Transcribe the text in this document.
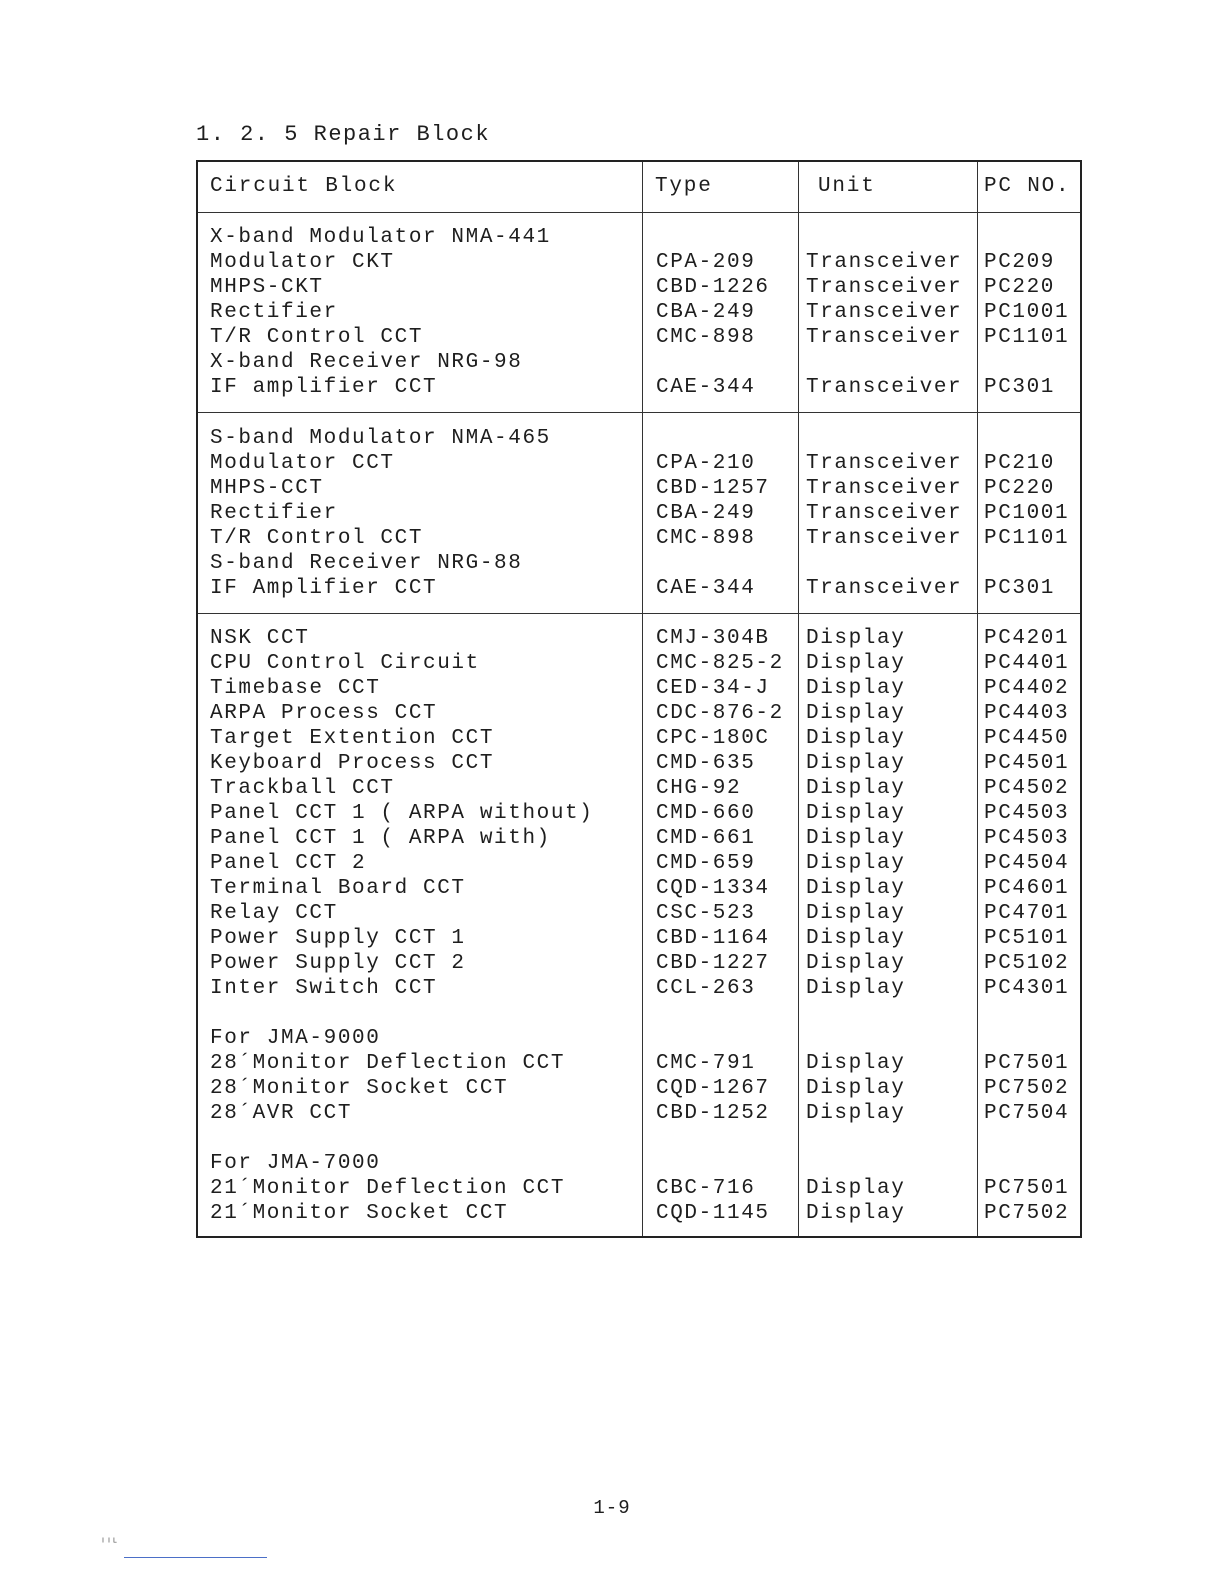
1. 2. 5 Repair Block
Circuit Block	Type	Unit	PC NO.
X-band Modulator NMA-441
Modulator CKT	CPA-209 Transceiver PC209
MHPS-CKT	CBD-1226 Transceiver PC220
Rectifier	CBA-249 Transceiver PC1001
T/R Control CCT	CMC-898 Transceiver PC1101
X-band Receiver NRG-98
IF amplifier CCT	CAE-344 Transceiver PC301
S-band Modulator NMA-465
Modulator CCT	CPA-210 Transceiver PC210
MHPS-CCT	CBD-1257 Transceiver PC220
Rectifier	CBA-249 Transceiver PC1001
T/R Control CCT	CMC-898 Transceiver PC1101
S-band Receiver NRG-88
IF Amplifier CCT	CAE-344 Transceiver PC301
NSK CCT	CMJ-304B Display	PC4201
CPU Control Circuit	CMC-825-2 Display	PC4401
Timebase CCT	CED-34-J Display	PC4402
ARPA Process CCT	CDC-876-2 Display	PC4403
Target Extention CCT	CPC-180C Display	PC4450
Keyboard Process CCT	CMD-635 Display	PC4501
Trackball CCT	CHG-92	Display	PC4502
Panel CCT 1 ( ARPA without)	CMD-660 Display	PC4503
Panel CCT 1 ( ARPA with)	CMD-661 Display	PC4503
Panel CCT 2	CMD-659 Display	PC4504
Terminal Board CCT	CQD-1334 Display	PC4601
Relay CCT	CSC-523 Display	PC4701
Power Supply CCT 1	CBD-1164 Display	PC5101
Power Supply CCT 2	CBD-1227 Display	PC5102
Inter Switch CCT	CCL-263 Display	PC4301
For JMA-9000
28´Monitor Deflection CCT	CMC-791 Display	PC7501
28´Monitor Socket CCT	CQD-1267 Display	PC7502
28´AVR CCT	CBD-1252 Display	PC7504
For JMA-7000
21´Monitor Deflection CCT	CBC-716 Display	PC7501
21´Monitor Socket CCT	CQD-1145 Display	PC7502
1-9
ᴵᴵᴸ
